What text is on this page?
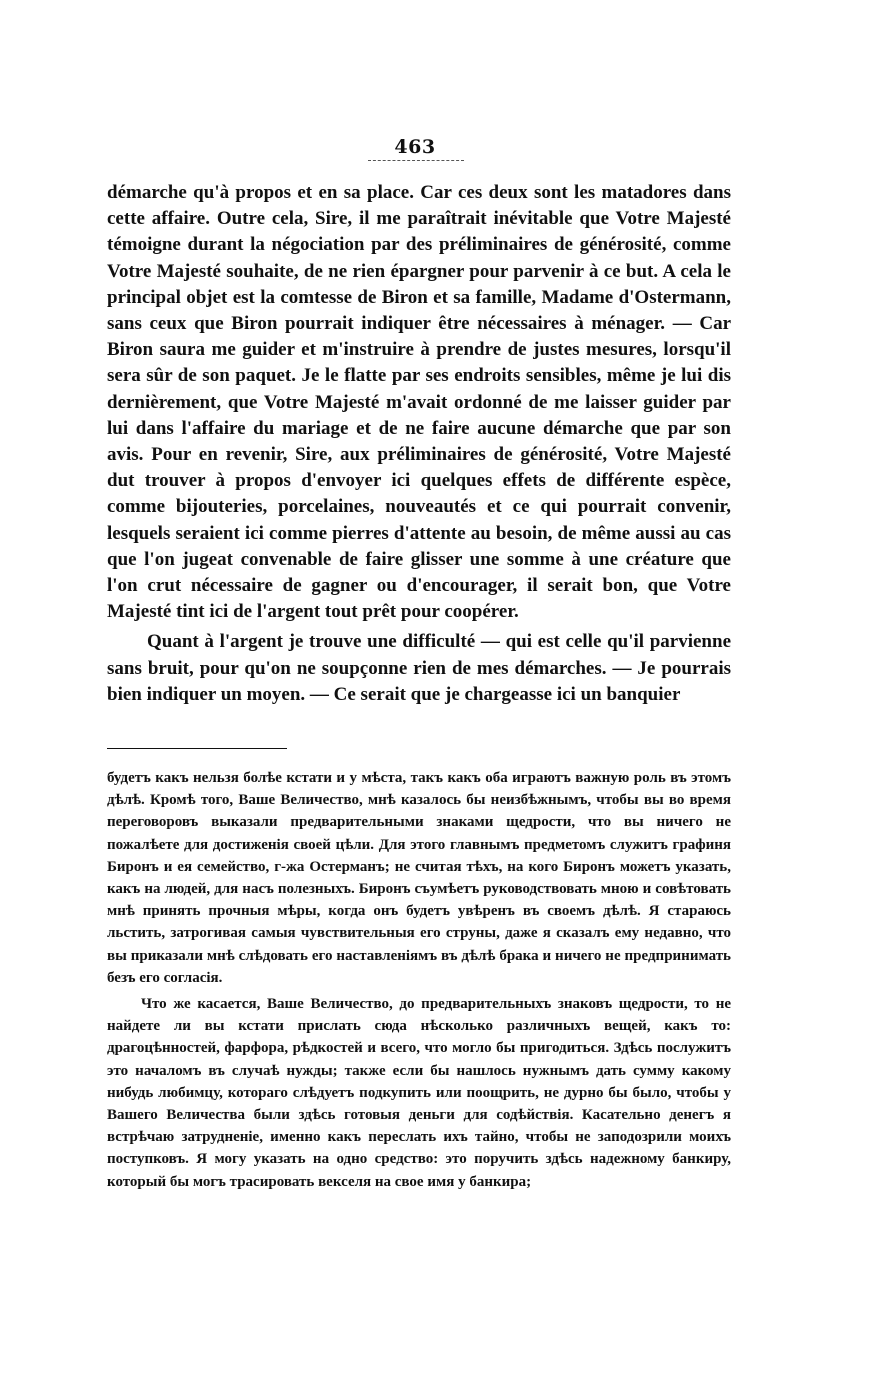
463

démarche qu'à propos et en sa place. Car ces deux sont les matadores dans cette affaire. Outre cela, Sire, il me paraîtrait inévitable que Votre Majesté témoigne durant la négociation par des préliminaires de générosité, comme Votre Majesté souhaite, de ne rien épargner pour parvenir à ce but. A cela le principal objet est la comtesse de Biron et sa famille, Madame d'Ostermann, sans ceux que Biron pourrait indiquer être nécessaires à ménager. — Car Biron saura me guider et m'instruire à prendre de justes mesures, lorsqu'il sera sûr de son paquet. Je le flatte par ses endroits sensibles, même je lui dis dernièrement, que Votre Majesté m'avait ordonné de me laisser guider par lui dans l'affaire du mariage et de ne faire aucune démarche que par son avis. Pour en revenir, Sire, aux préliminaires de générosité, Votre Majesté dut trouver à propos d'envoyer ici quelques effets de différente espèce, comme bijouteries, porcelaines, nouveautés et ce qui pourrait convenir, lesquels seraient ici comme pierres d'attente au besoin, de même aussi au cas que l'on jugeat convenable de faire glisser une somme à une créature que l'on crut nécessaire de gagner ou d'encourager, il serait bon, que Votre Majesté tint ici de l'argent tout prêt pour coopérer.

Quant à l'argent je trouve une difficulté — qui est celle qu'il parvienne sans bruit, pour qu'on ne soupçonne rien de mes démarches. — Je pourrais bien indiquer un moyen. — Ce serait que je chargeasse ici un banquier

будетъ какъ нельзя болѣе кстати и у мѣста, такъ какъ оба играютъ важную роль въ этомъ дѣлѣ. Кромѣ того, Ваше Величество, мнѣ казалось бы неизбѣжнымъ, чтобы вы во время переговоровъ выказали предварительными знаками щедрости, что вы ничего не пожалѣете для достиженія своей цѣли. Для этого главнымъ предметомъ служитъ графиня Биронъ и ея семейство, г-жа Остерманъ; не считая тѣхъ, на кого Биронъ можетъ указать, какъ на людей, для насъ полезныхъ. Биронъ съумѣетъ руководствовать мною и совѣтовать мнѣ принять прочныя мѣры, когда онъ будетъ увѣренъ въ своемъ дѣлѣ. Я стараюсь льстить, затрогивая самыя чувствительныя его струны, даже я сказалъ ему недавно, что вы приказали мнѣ слѣдовать его наставленіямъ въ дѣлѣ брака и ничего не предпринимать безъ его согласія.

Что же касается, Ваше Величество, до предварительныхъ знаковъ щедрости, то не найдете ли вы кстати прислать сюда нѣсколько различныхъ вещей, какъ то: драгоцѣнностей, фарфора, рѣдкостей и всего, что могло бы пригодиться. Здѣсь послужитъ это началомъ въ случаѣ нужды; также если бы нашлось нужнымъ дать сумму какому нибудь любимцу, котораго слѣдуетъ подкупить или поощрить, не дурно бы было, чтобы у Вашего Величества были здѣсь готовыя деньги для содѣйствія. Касательно денегъ я встрѣчаю затрудненіе, именно какъ переслать ихъ тайно, чтобы не заподозрили моихъ поступковъ. Я могу указать на одно средство: это поручить здѣсь надежному банкиру, который бы могъ трасировать векселя на свое имя у банкира;
